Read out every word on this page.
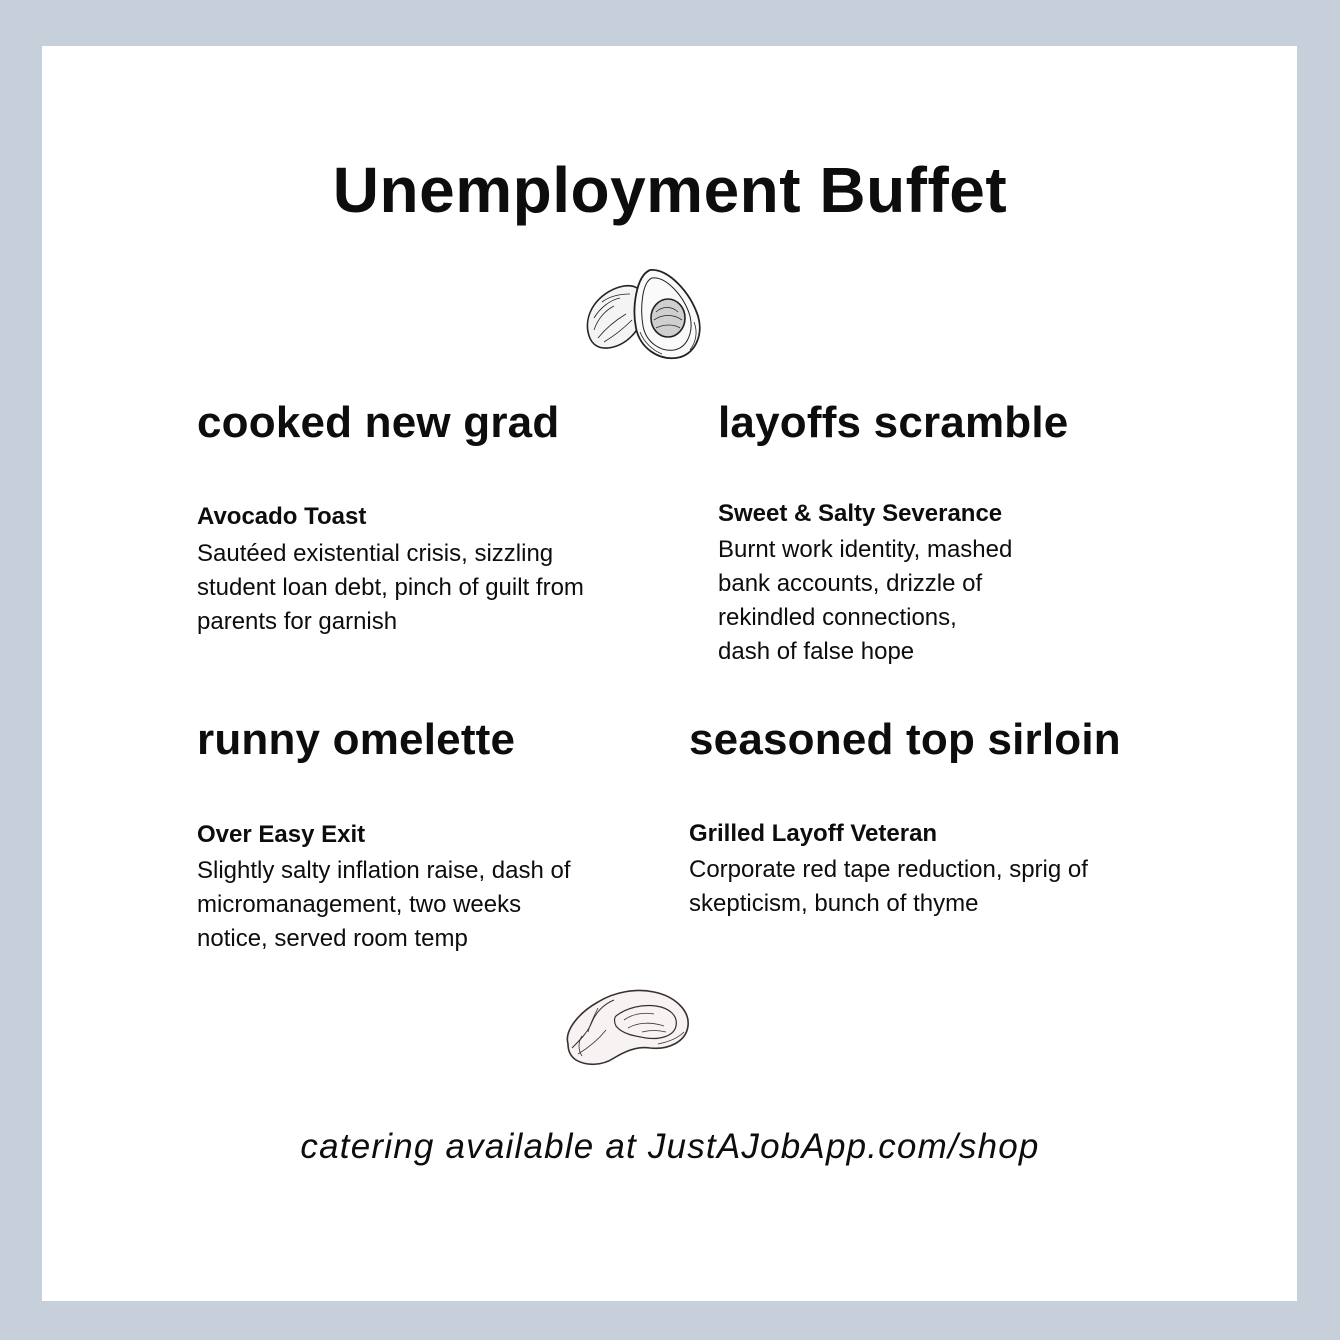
Unemployment Buffet
cooked new grad

Avocado Toast

Sautéed existential crisis, sizzling
student loan debt, pinch of guilt from
parents for garnish

layoffs scramble

Sweet & Salty Severance

Burnt work identity, mashed
bank accounts, drizzle of
rekindled connections,
dash of false hope

runny omelette

Over Easy Exit

Slightly salty inflation raise, dash of
micromanagement, two weeks
notice, served room temp

seasoned top sirloin

Grilled Layoff Veteran

Corporate red tape reduction, sprig of
skepticism, bunch of thyme

catering available at JustAJobApp.com/shop
